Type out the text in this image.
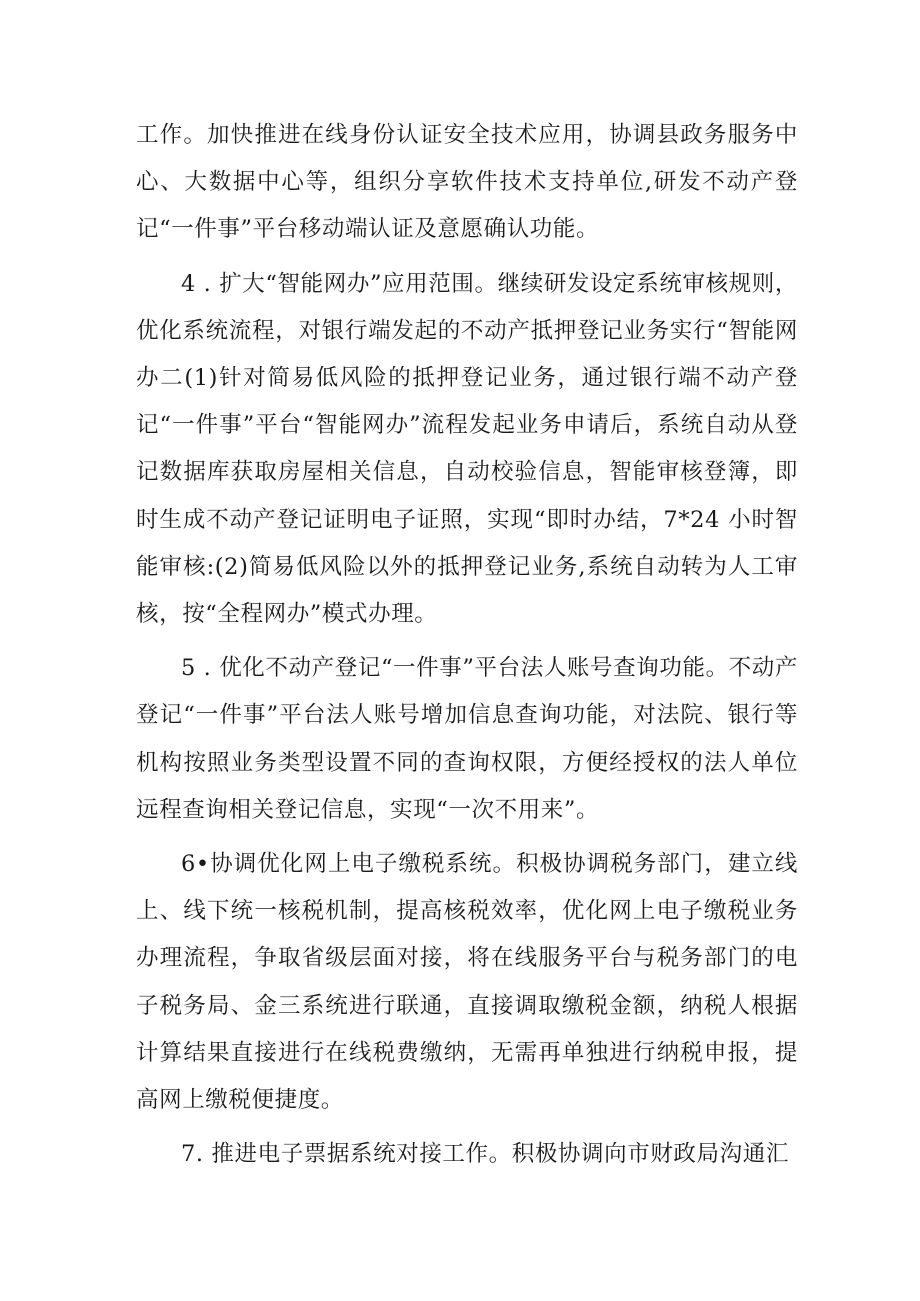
工作。加快推进在线身份认证安全技术应用，协调县政务服务中心、大数据中心等，组织分享软件技术支持单位,研发不动产登记“一件事”平台移动端认证及意愿确认功能。

4 . 扩大“智能网办”应用范围。继续研发设定系统审核规则，优化系统流程，对银行端发起的不动产抵押登记业务实行“智能网办二(1)针对简易低风险的抵押登记业务，通过银行端不动产登记“一件事”平台“智能网办”流程发起业务申请后，系统自动从登记数据库获取房屋相关信息，自动校验信息，智能审核登簿，即时生成不动产登记证明电子证照，实现“即时办结，7*24 小时智能审核:(2)简易低风险以外的抵押登记业务,系统自动转为人工审核，按“全程网办”模式办理。

5 . 优化不动产登记“一件事”平台法人账号查询功能。不动产登记“一件事”平台法人账号增加信息查询功能，对法院、银行等机构按照业务类型设置不同的查询权限，方便经授权的法人单位远程查询相关登记信息，实现“一次不用来”。

6•协调优化网上电子缴税系统。积极协调税务部门，建立线上、线下统一核税机制，提高核税效率，优化网上电子缴税业务办理流程，争取省级层面对接，将在线服务平台与税务部门的电子税务局、金三系统进行联通，直接调取缴税金额，纳税人根据计算结果直接进行在线税费缴纳，无需再单独进行纳税申报，提高网上缴税便捷度。

7. 推进电子票据系统对接工作。积极协调向市财政局沟通汇
